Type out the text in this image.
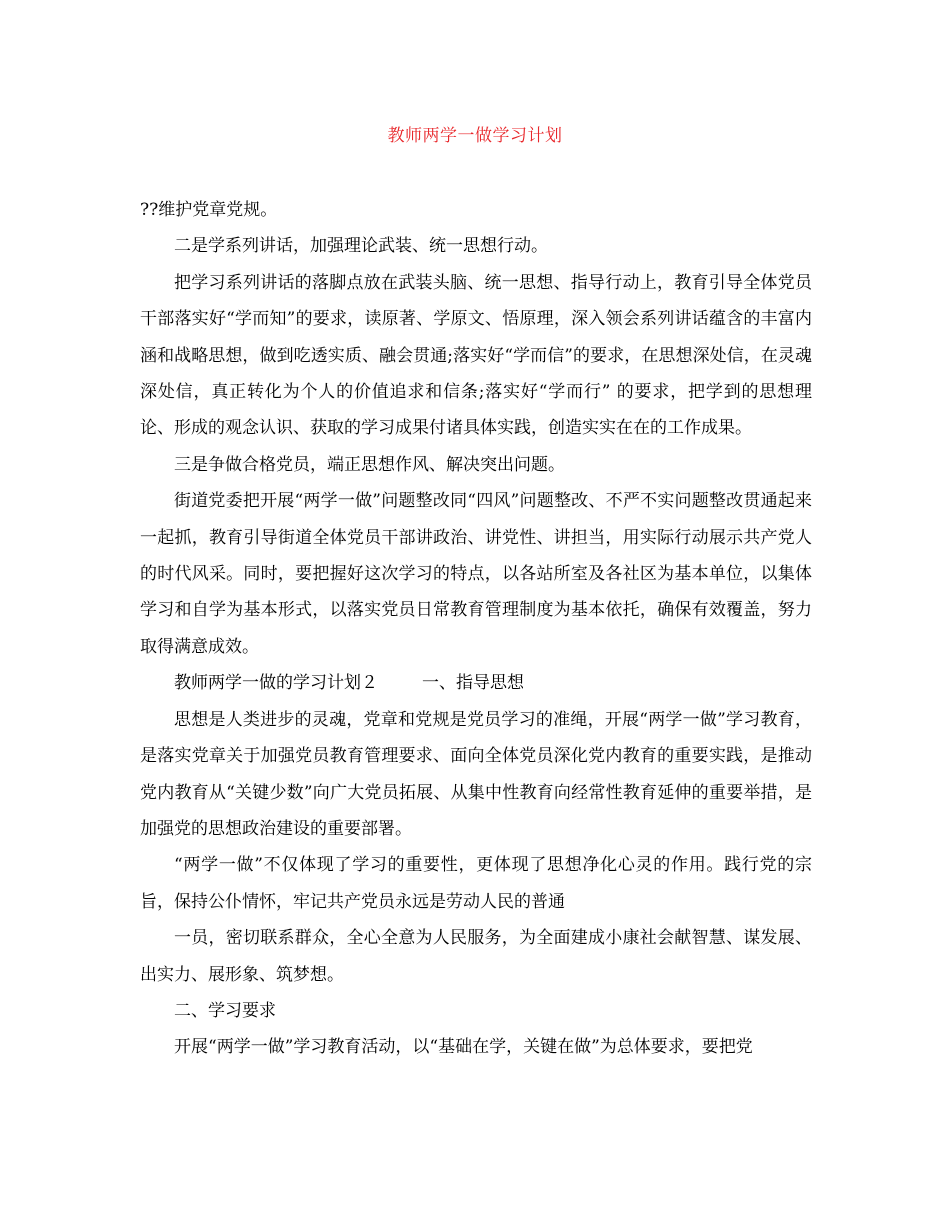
教师两学一做学习计划

??维护党章党规。

二是学系列讲话，加强理论武装、统一思想行动。

把学习系列讲话的落脚点放在武装头脑、统一思想、指导行动上，教育引导全体党员干部落实好“学而知”的要求，读原著、学原文、悟原理，深入领会系列讲话蕴含的丰富内涵和战略思想，做到吃透实质、融会贯通;落实好“学而信”的要求，在思想深处信，在灵魂深处信，真正转化为个人的价值追求和信条;落实好“学而行” 的要求，把学到的思想理论、形成的观念认识、获取的学习成果付诸具体实践，创造实实在在的工作成果。

三是争做合格党员，端正思想作风、解决突出问题。

街道党委把开展“两学一做”问题整改同“四风”问题整改、不严不实问题整改贯通起来一起抓，教育引导街道全体党员干部讲政治、讲党性、讲担当，用实际行动展示共产党人的时代风采。同时，要把握好这次学习的特点，以各站所室及各社区为基本单位，以集体学习和自学为基本形式，以落实党员日常教育管理制度为基本依托，确保有效覆盖，努力取得满意成效。

教师两学一做的学习计划２	一、指导思想

思想是人类进步的灵魂，党章和党规是党员学习的准绳，开展“两学一做”学习教育，是落实党章关于加强党员教育管理要求、面向全体党员深化党内教育的重要实践，是推动党内教育从“关键少数”向广大党员拓展、从集中性教育向经常性教育延伸的重要举措，是加强党的思想政治建设的重要部署。

“两学一做”不仅体现了学习的重要性，更体现了思想净化心灵的作用。践行党的宗旨，保持公仆情怀，牢记共产党员永远是劳动人民的普通

一员，密切联系群众，全心全意为人民服务，为全面建成小康社会献智慧、谋发展、出实力、展形象、筑梦想。

二、学习要求

开展“两学一做”学习教育活动，以“基础在学，关键在做”为总体要求，要把党
